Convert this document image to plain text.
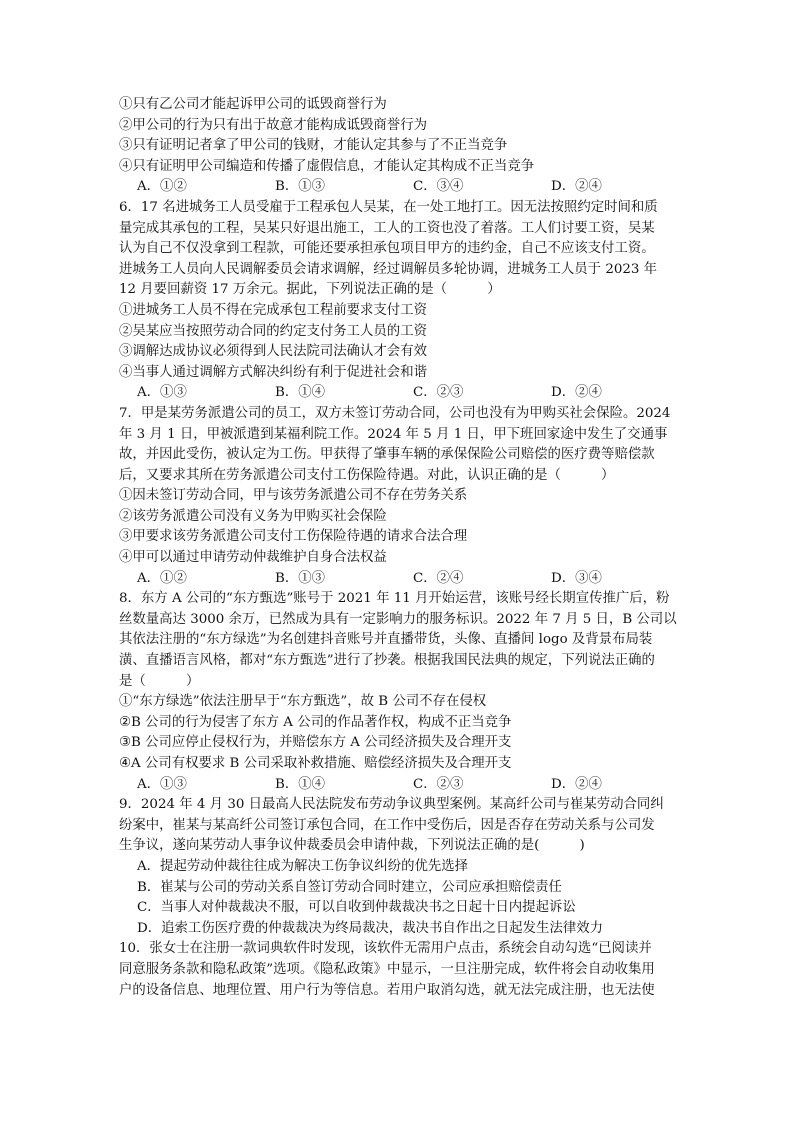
①只有乙公司才能起诉甲公司的诋毁商誉行为

②甲公司的行为只有出于故意才能构成诋毁商誉行为

③只有证明记者拿了甲公司的钱财，才能认定其参与了不正当竞争

④只有证明甲公司编造和传播了虚假信息，才能认定其构成不正当竞争

A．①②	B．①③	C．③④	D．②④

6．17 名进城务工人员受雇于工程承包人吴某，在一处工地打工。因无法按照约定时间和质

量完成其承包的工程，吴某只好退出施工，工人的工资也没了着落。工人们讨要工资，吴某

认为自己不仅没拿到工程款，可能还要承担承包项目甲方的违约金，自己不应该支付工资。

进城务工人员向人民调解委员会请求调解，经过调解员多轮协调，进城务工人员于 2023 年

12 月要回薪资 17 万余元。据此，下列说法正确的是（　　　）

①进城务工人员不得在完成承包工程前要求支付工资

②吴某应当按照劳动合同的约定支付务工人员的工资

③调解达成协议必须得到人民法院司法确认才会有效

④当事人通过调解方式解决纠纷有利于促进社会和谐

A．①③	B．①④	C．②③	D．②④

7．甲是某劳务派遣公司的员工，双方未签订劳动合同，公司也没有为甲购买社会保险。2024

年 3 月 1 日，甲被派遣到某福利院工作。2024 年 5 月 1 日，甲下班回家途中发生了交通事

故，并因此受伤，被认定为工伤。甲获得了肇事车辆的承保保险公司赔偿的医疗费等赔偿款

后，又要求其所在劳务派遣公司支付工伤保险待遇。对此，认识正确的是（　　　）

①因未签订劳动合同，甲与该劳务派遣公司不存在劳务关系

②该劳务派遣公司没有义务为甲购买社会保险

③甲要求该劳务派遣公司支付工伤保险待遇的请求合法合理

④甲可以通过申请劳动仲裁维护自身合法权益

A．①②	B．①③	C．②④	D．③④

8．东方 A 公司的“东方甄选”账号于 2021 年 11 月开始运营，该账号经长期宣传推广后，粉

丝数量高达 3000 余万，已然成为具有一定影响力的服务标识。2022 年 7 月 5 日，B 公司以

其依法注册的“东方绿选”为名创建抖音账号并直播带货，头像、直播间 logo 及背景布局装

潢、直播语言风格，都对“东方甄选”进行了抄袭。根据我国民法典的规定，下列说法正确的

是（　　　）

①“东方绿选”依法注册早于“东方甄选”，故 B 公司不存在侵权

②B 公司的行为侵害了东方 A 公司的作品著作权，构成不正当竞争

③B 公司应停止侵权行为，并赔偿东方 A 公司经济损失及合理开支

④A 公司有权要求 B 公司采取补救措施、赔偿经济损失及合理开支

A．①③	B．①④	C．②③	D．②④

9．2024 年 4 月 30 日最高人民法院发布劳动争议典型案例。某高纤公司与崔某劳动合同纠

纷案中，崔某与某高纤公司签订承包合同，在工作中受伤后，因是否存在劳动关系与公司发

生争议，遂向某劳动人事争议仲裁委员会申请仲裁，下列说法正确的是(　　　)

A．提起劳动仲裁往往成为解决工伤争议纠纷的优先选择

B．崔某与公司的劳动关系自签订劳动合同时建立，公司应承担赔偿责任

C．当事人对仲裁裁决不服，可以自收到仲裁裁决书之日起十日内提起诉讼

D．追索工伤医疗费的仲裁裁决为终局裁决，裁决书自作出之日起发生法律效力

10．张女士在注册一款词典软件时发现，该软件无需用户点击，系统会自动勾选“已阅读并

同意服务条款和隐私政策”选项。《隐私政策》中显示，一旦注册完成，软件将会自动收集用

户的设备信息、地理位置、用户行为等信息。若用户取消勾选，就无法完成注册，也无法使
